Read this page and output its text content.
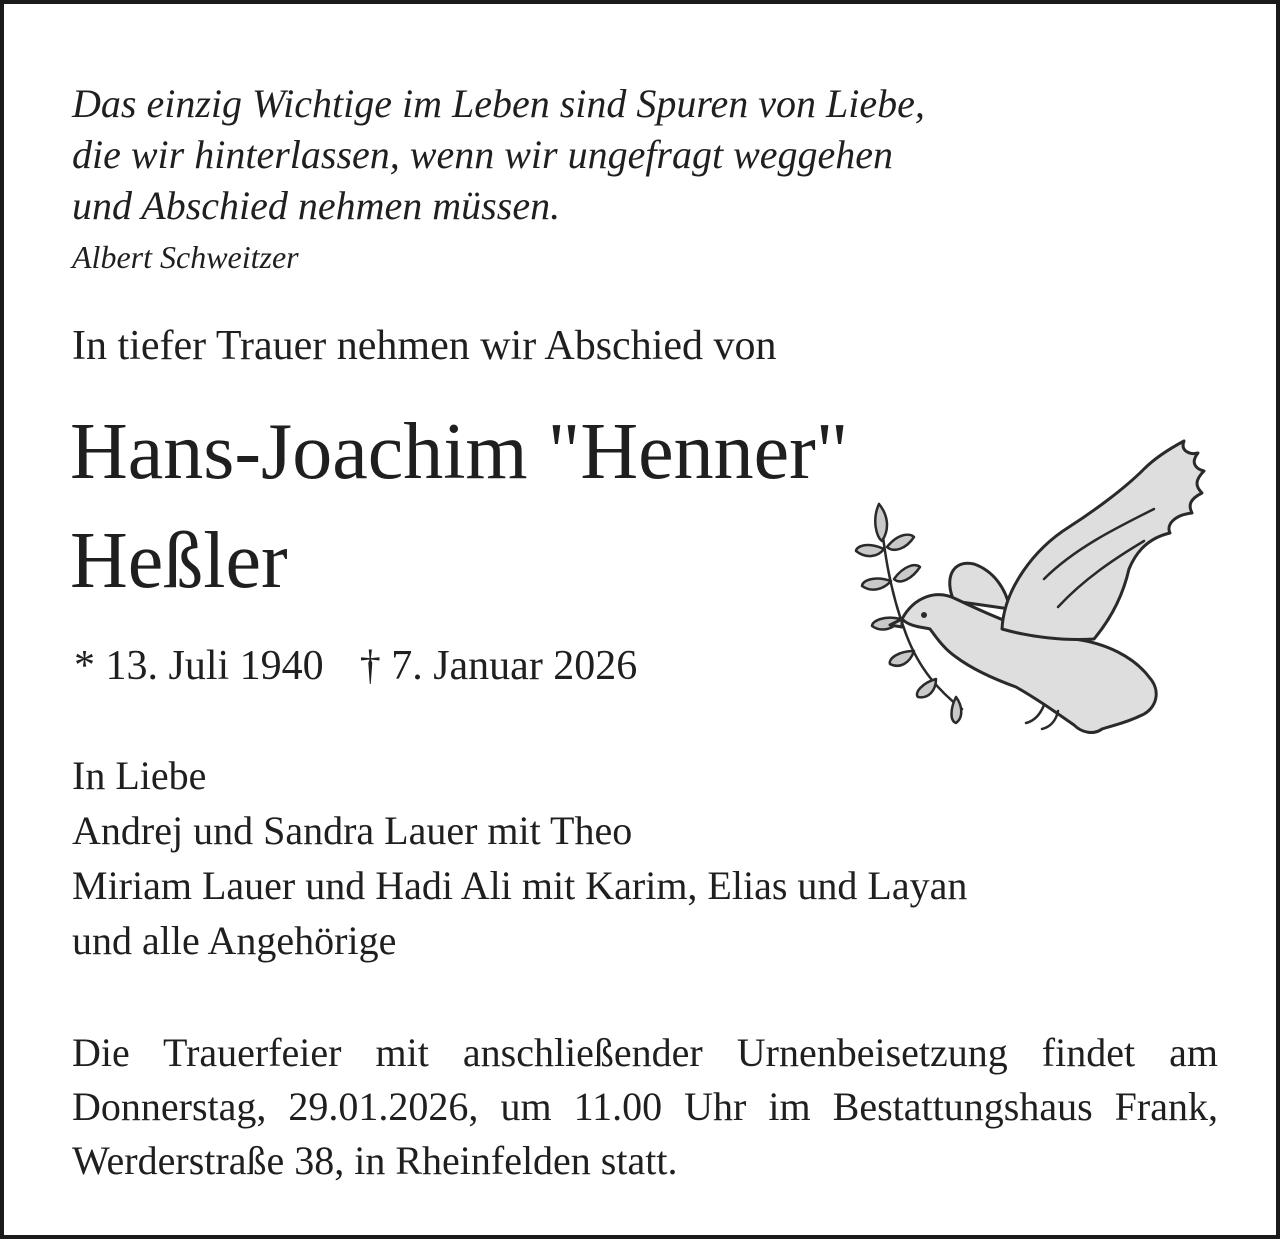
Das einzig Wichtige im Leben sind Spuren von Liebe,
die wir hinterlassen, wenn wir ungefragt weggehen
und Abschied nehmen müssen.
Albert Schweitzer
In tiefer Trauer nehmen wir Abschied von
Hans-Joachim "Henner"
Heßler
* 13. Juli 1940 † 7. Januar 2026
In Liebe
Andrej und Sandra Lauer mit Theo
Miriam Lauer und Hadi Ali mit Karim, Elias und Layan
und alle Angehörige
Die Trauerfeier mit anschließender Urnenbeisetzung findet am Donnerstag, 29.01.2026, um 11.00 Uhr im Bestattungshaus Frank, Werderstraße 38, in Rheinfelden statt.
